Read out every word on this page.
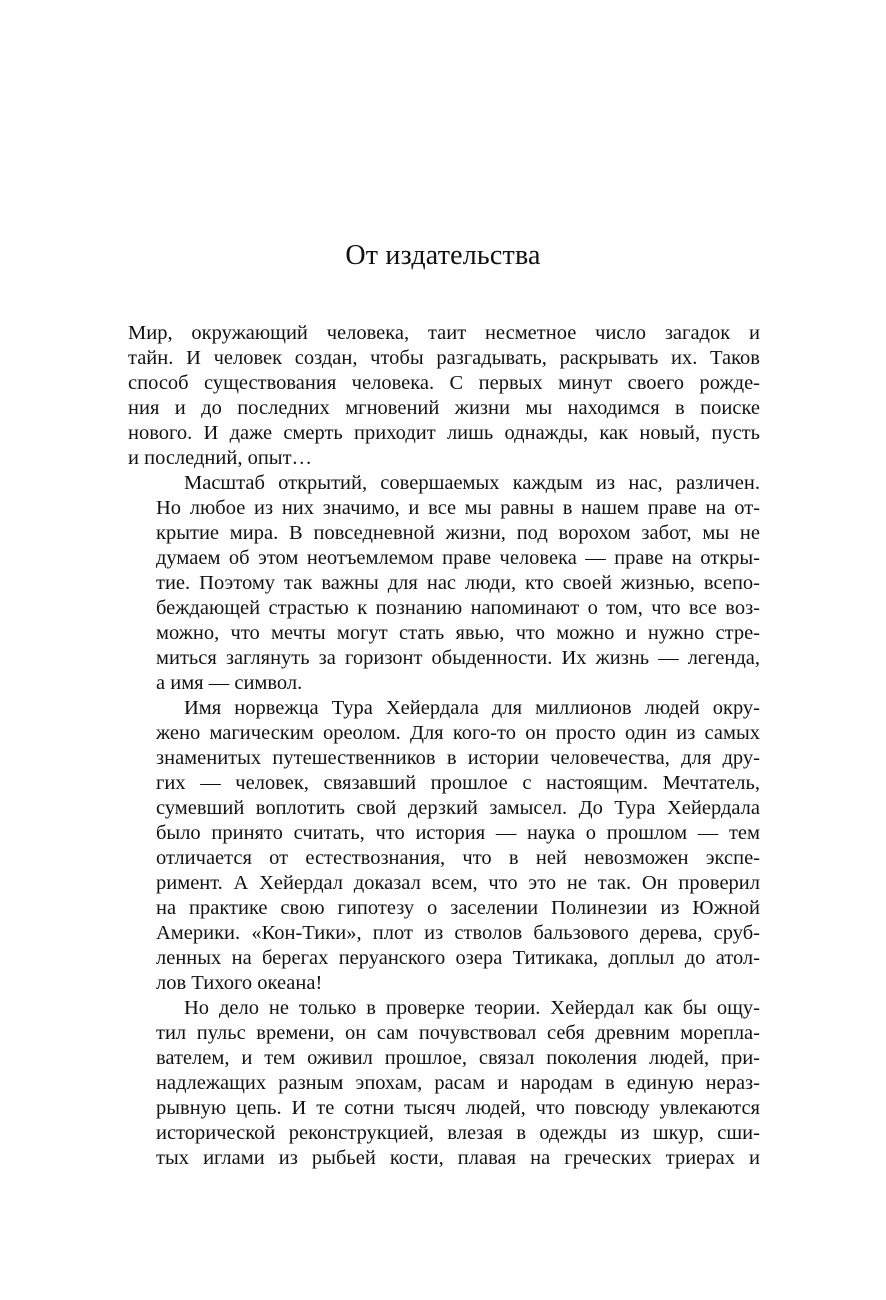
От издательства
Мир, окружающий человека, таит несметное число загадок и
тайн. И человек создан, чтобы разгадывать, раскрывать их. Таков
способ существования человека. С первых минут своего рожде-
ния и до последних мгновений жизни мы находимся в поиске
нового. И даже смерть приходит лишь однажды, как новый, пусть
и последний, опыт…
Масштаб открытий, совершаемых каждым из нас, различен.
Но любое из них значимо, и все мы равны в нашем праве на от-
крытие мира. В повседневной жизни, под ворохом забот, мы не
думаем об этом неотъемлемом праве человека — праве на откры-
тие. Поэтому так важны для нас люди, кто своей жизнью, всепо-
беждающей страстью к познанию напоминают о том, что все воз-
можно, что мечты могут стать явью, что можно и нужно стре-
миться заглянуть за горизонт обыденности. Их жизнь — легенда,
а имя — символ.
Имя норвежца Тура Хейердала для миллионов людей окру-
жено магическим ореолом. Для кого-то он просто один из самых
знаменитых путешественников в истории человечества, для дру-
гих — человек, связавший прошлое с настоящим. Мечтатель,
сумевший воплотить свой дерзкий замысел. До Тура Хейердала
было принято считать, что история — наука о прошлом — тем
отличается от естествознания, что в ней невозможен экспе-
римент. А Хейердал доказал всем, что это не так. Он проверил
на практике свою гипотезу о заселении Полинезии из Южной
Америки. «Кон-Тики», плот из стволов бальзового дерева, сруб-
ленных на берегах перуанского озера Титикака, доплыл до атол-
лов Тихого океана!
Но дело не только в проверке теории. Хейердал как бы ощу-
тил пульс времени, он сам почувствовал себя древним морепла-
вателем, и тем оживил прошлое, связал поколения людей, при-
надлежащих разным эпохам, расам и народам в единую нераз-
рывную цепь. И те сотни тысяч людей, что повсюду увлекаются
исторической реконструкцией, влезая в одежды из шкур, сши-
тых иглами из рыбьей кости, плавая на греческих триерах и
